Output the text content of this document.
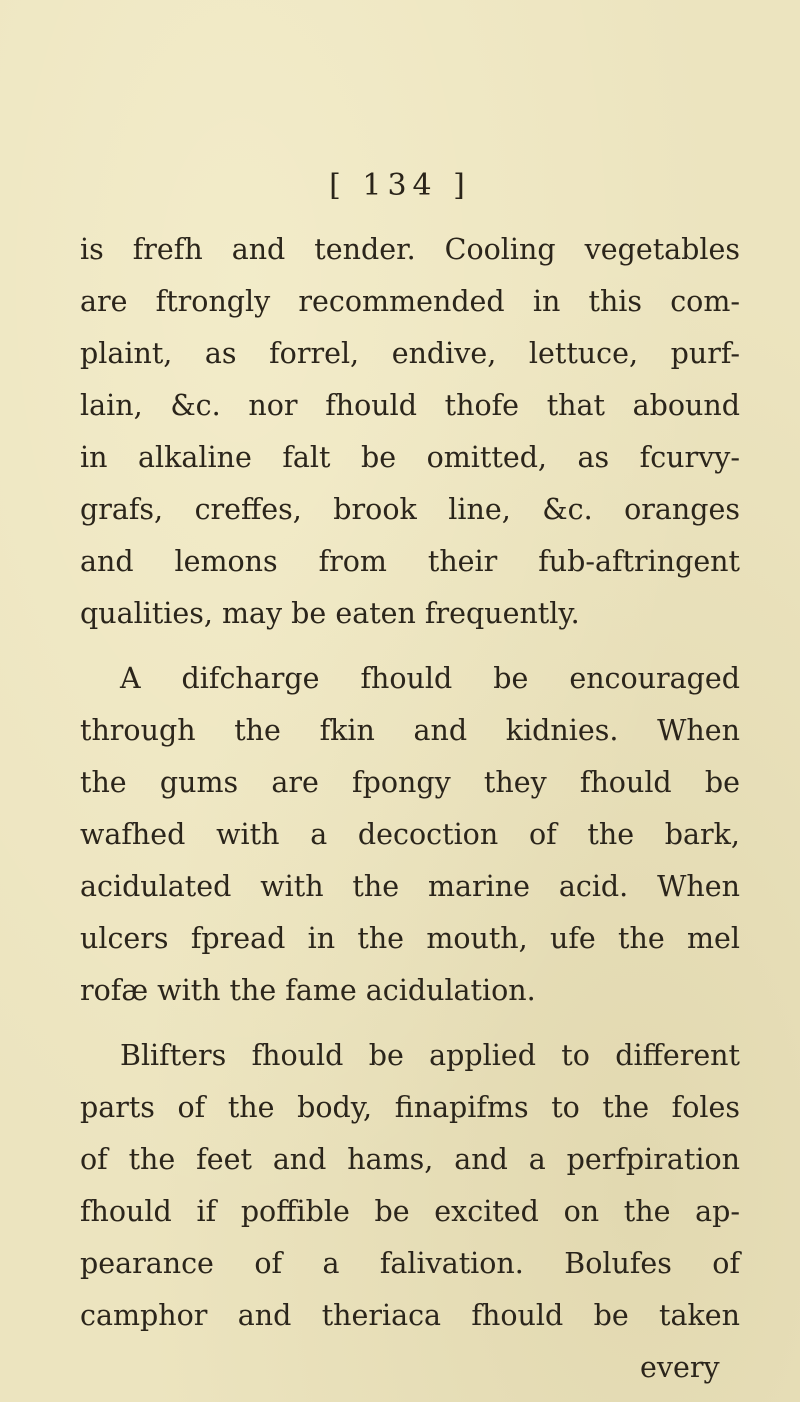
[ 134 ]
is frefh and tender. Cooling vegetables
are ftrongly recommended in this com-
plaint, as forrel, endive, lettuce, purf-
lain, &c. nor fhould thofe that abound
in alkaline falt be omitted, as fcurvy-
grafs, creffes, brook line, &c. oranges
and lemons from their fub-aftringent
qualities, may be eaten frequently.
A difcharge fhould be encouraged
through the fkin and kidnies. When
the gums are fpongy they fhould be
wafhed with a decoction of the bark,
acidulated with the marine acid. When
ulcers fpread in the mouth, ufe the mel
rofæ with the fame acidulation.
Blifters fhould be applied to different
parts of the body, finapifms to the foles
of the feet and hams, and a perfpiration
fhould if poffible be excited on the ap-
pearance of a falivation. Bolufes of
camphor and theriaca fhould be taken
every
